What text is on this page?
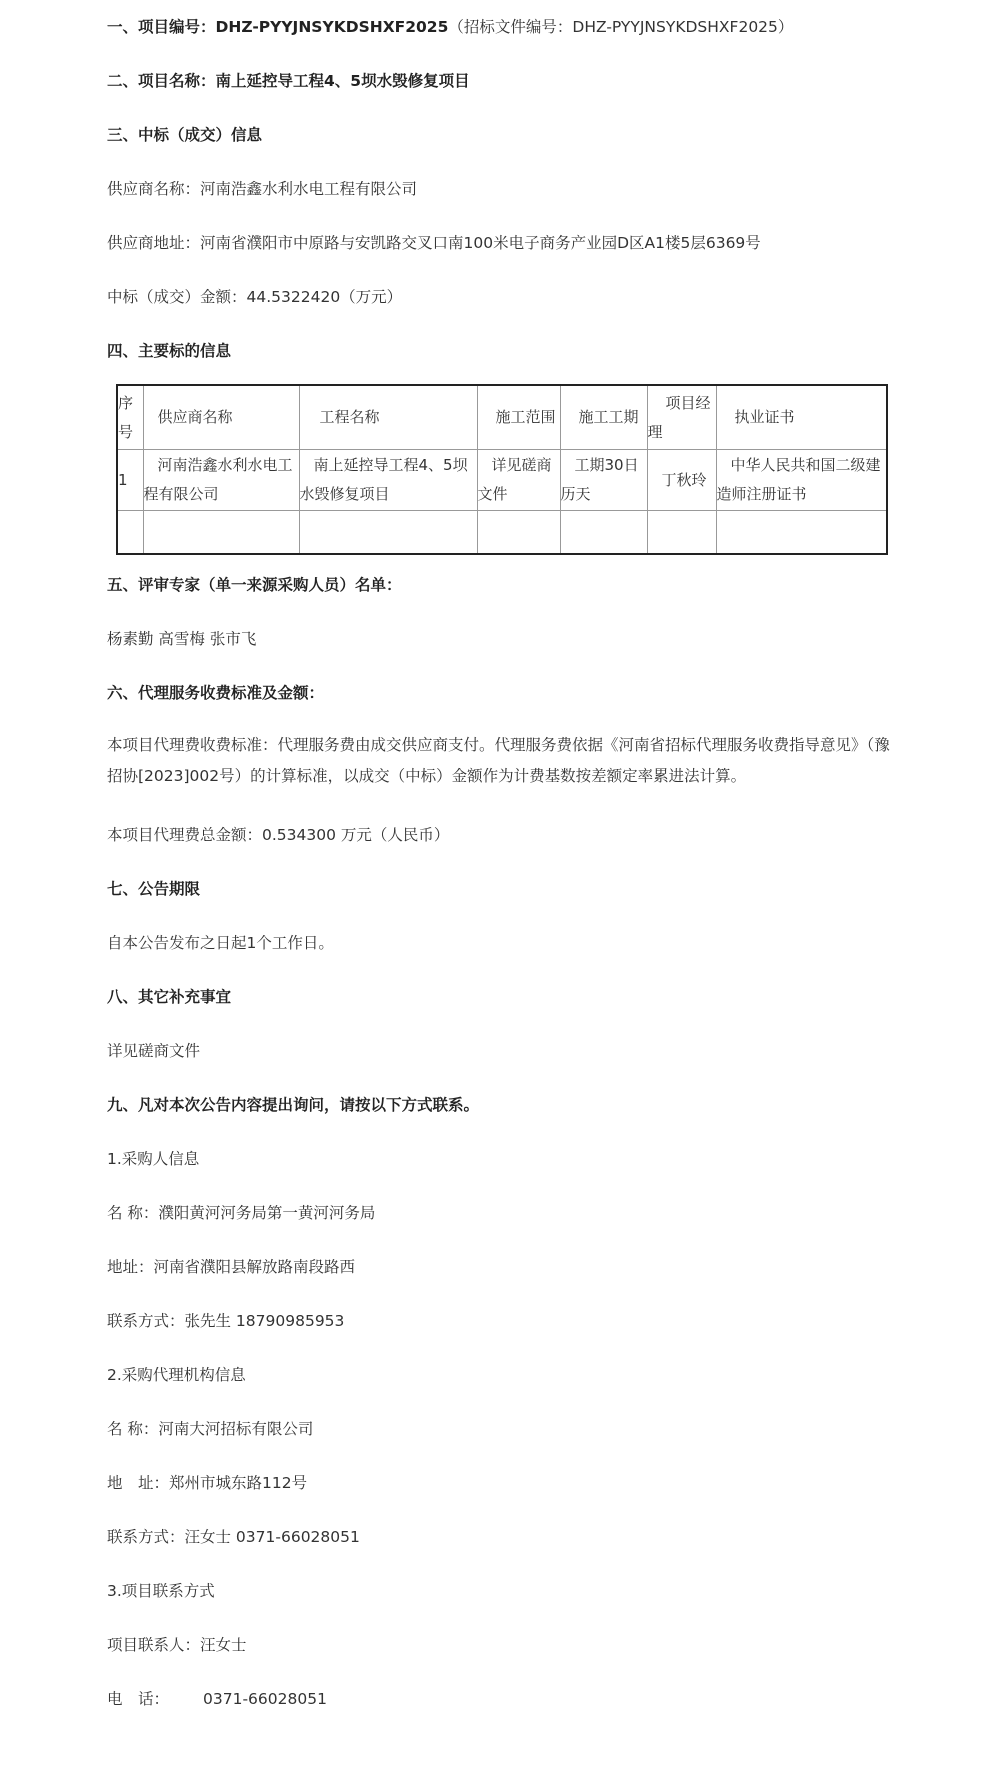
一、项目编号：DHZ-PYYJNSYKDSHXF2025（招标文件编号：DHZ-PYYJNSYKDSHXF2025）
二、项目名称：南上延控导工程4、5坝水毁修复项目
三、中标（成交）信息
供应商名称：河南浩鑫水利水电工程有限公司
供应商地址：河南省濮阳市中原路与安凯路交叉口南100米电子商务产业园D区A1楼5层6369号
中标（成交）金额：44.5322420（万元）
四、主要标的信息
序号	供应商名称	工程名称	施工范围	施工工期	项目经理	执业证书
1	河南浩鑫水利水电工程有限公司	南上延控导工程4、5坝水毁修复项目	详见磋商文件	工期30日历天	丁秋玲	中华人民共和国二级建造师注册证书

五、评审专家（单一来源采购人员）名单：
杨素勤 高雪梅 张市飞
六、代理服务收费标准及金额：
本项目代理费收费标准：代理服务费由成交供应商支付。代理服务费依据《河南省招标代理服务收费指导意见》（豫招协[2023]002号）的计算标准，以成交（中标）金额作为计费基数按差额定率累进法计算。
本项目代理费总金额：0.534300 万元（人民币）
七、公告期限
自本公告发布之日起1个工作日。
八、其它补充事宜
详见磋商文件
九、凡对本次公告内容提出询问，请按以下方式联系。
1.采购人信息
名 称：濮阳黄河河务局第一黄河河务局
地址：河南省濮阳县解放路南段路西
联系方式：张先生 18790985953
2.采购代理机构信息
名 称：河南大河招标有限公司
地　址：郑州市城东路112号
联系方式：汪女士 0371-66028051
3.项目联系方式
项目联系人：汪女士
电　话： 0371-66028051
